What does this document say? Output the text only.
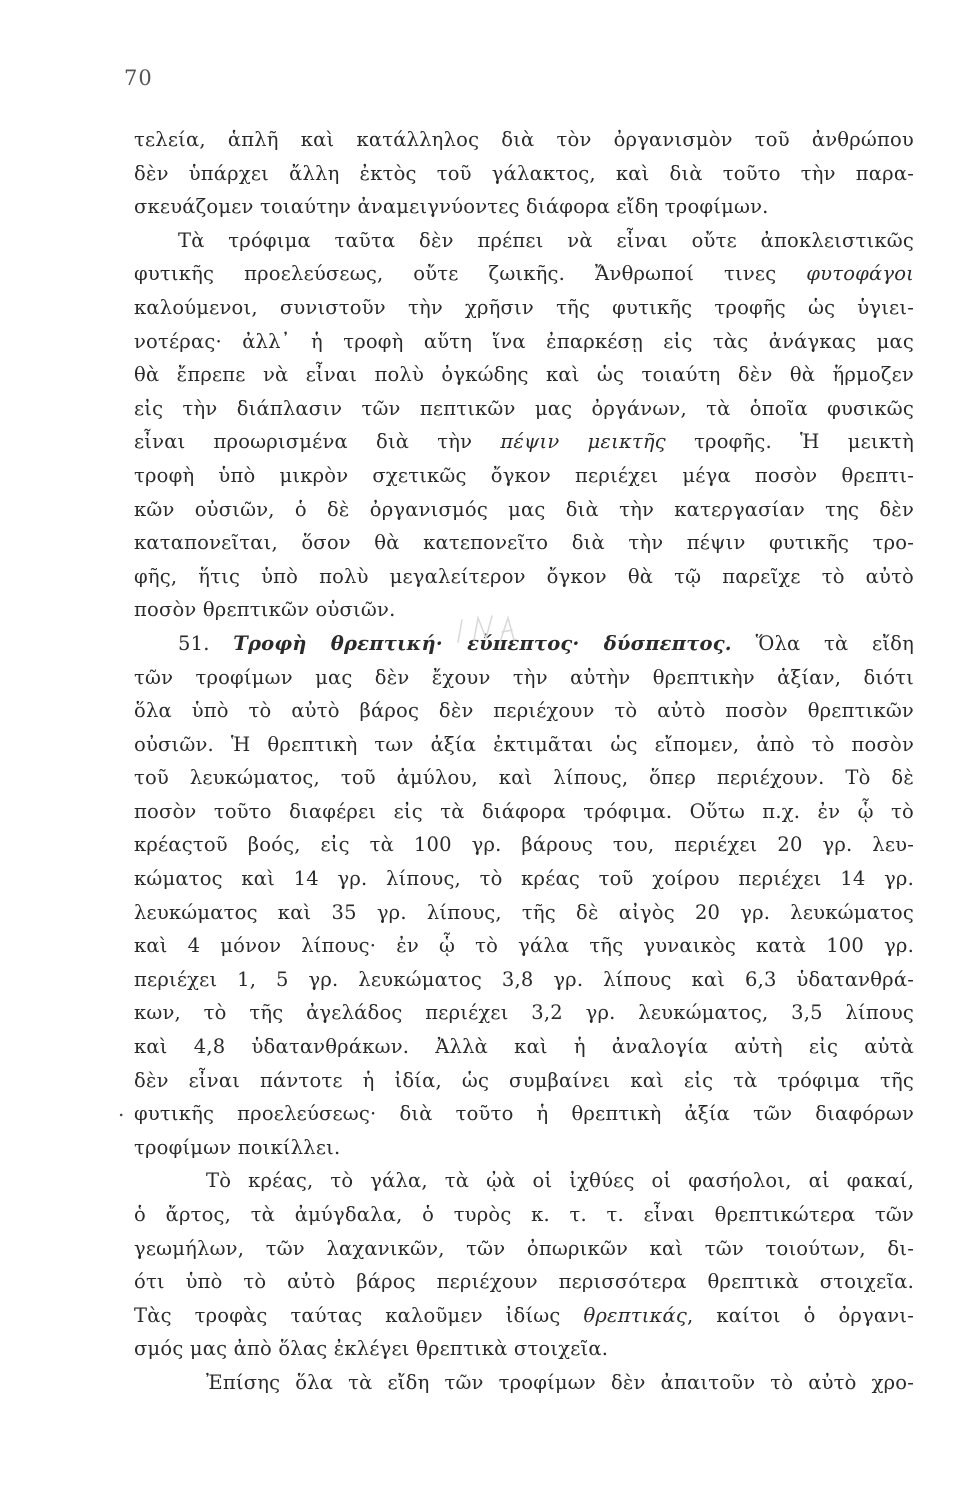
70
τελεία, ἁπλῆ καὶ κατάλληλος διὰ τὸν ὀργανισμὸν τοῦ ἀνθρώπου
δὲν ὑπάρχει ἄλλη ἐκτὸς τοῦ γάλακτος, καὶ διὰ τοῦτο τὴν παρα-
σκευάζομεν τοιαύτην ἀναμειγνύοντες διάφορα εἴδη τροφίμων.
Τὰ τρόφιμα ταῦτα δὲν πρέπει νὰ εἶναι οὔτε ἀποκλειστικῶς
φυτικῆς προελεύσεως, οὔτε ζωικῆς. Ἄνθρωποί τινες φυτοφάγοι
καλούμενοι, συνιστοῦν τὴν χρῆσιν τῆς φυτικῆς τροφῆς ὡς ὑγιει-
νοτέρας· ἀλλ᾿ ἡ τροφὴ αὕτη ἵνα ἐπαρκέσῃ εἰς τὰς ἀνάγκας μας
θὰ ἔπρεπε νὰ εἶναι πολὺ ὀγκώδης καὶ ὡς τοιαύτη δὲν θὰ ἥρμοζεν
εἰς τὴν διάπλασιν τῶν πεπτικῶν μας ὀργάνων, τὰ ὁποῖα φυσικῶς
εἶναι προωρισμένα διὰ τὴν πέψιν μεικτῆς τροφῆς. Ἡ μεικτὴ
τροφὴ ὑπὸ μικρὸν σχετικῶς ὄγκον περιέχει μέγα ποσὸν θρεπτι-
κῶν οὐσιῶν, ὁ δὲ ὀργανισμός μας διὰ τὴν κατεργασίαν της δὲν
καταπονεῖται, ὅσον θὰ κατεπονεῖτο διὰ τὴν πέψιν φυτικῆς τρο-
φῆς, ἥτις ὑπὸ πολὺ μεγαλείτερον ὄγκον θὰ τῷ παρεῖχε τὸ αὐτὸ
ποσὸν θρεπτικῶν οὐσιῶν.
51. Τροφὴ θρεπτική· εὔπεπτος· δύσπεπτος. Ὅλα τὰ εἴδη
τῶν τροφίμων μας δὲν ἔχουν τὴν αὐτὴν θρεπτικὴν ἀξίαν, διότι
ὅλα ὑπὸ τὸ αὐτὸ βάρος δὲν περιέχουν τὸ αὐτὸ ποσὸν θρεπτικῶν
οὐσιῶν. Ἡ θρεπτικὴ των ἀξία ἐκτιμᾶται ὡς εἴπομεν, ἀπὸ τὸ ποσὸν
τοῦ λευκώματος, τοῦ ἀμύλου, καὶ λίπους, ὅπερ περιέχουν. Τὸ δὲ
ποσὸν τοῦτο διαφέρει εἰς τὰ διάφορα τρόφιμα. Οὕτω π.χ. ἐν ᾧ τὸ
κρέαςτοῦ βοός, εἰς τὰ 100 γρ. βάρους του, περιέχει 20 γρ. λευ-
κώματος καὶ 14 γρ. λίπους, τὸ κρέας τοῦ χοίρου περιέχει 14 γρ.
λευκώματος καὶ 35 γρ. λίπους, τῆς δὲ αἰγὸς 20 γρ. λευκώματος
καὶ 4 μόνον λίπους· ἐν ᾧ τὸ γάλα τῆς γυναικὸς κατὰ 100 γρ.
περιέχει 1, 5 γρ. λευκώματος 3,8 γρ. λίπους καὶ 6,3 ὑδατανθρά-
κων, τὸ τῆς ἀγελάδος περιέχει 3,2 γρ. λευκώματος, 3,5 λίπους
καὶ 4,8 ὑδατανθράκων. Ἀλλὰ καὶ ἡ ἀναλογία αὐτὴ εἰς αὐτὰ
δὲν εἶναι πάντοτε ἡ ἰδία, ὡς συμβαίνει καὶ εἰς τὰ τρόφιμα τῆς
φυτικῆς προελεύσεως· διὰ τοῦτο ἡ θρεπτικὴ ἀξία τῶν διαφόρων
τροφίμων ποικίλλει.
Τὸ κρέας, τὸ γάλα, τὰ ᾠὰ οἱ ἰχθύες οἱ φασήολοι, αἱ φακαί,
ὁ ἄρτος, τὰ ἀμύγδαλα, ὁ τυρὸς κ. τ. τ. εἶναι θρεπτικώτερα τῶν
γεωμήλων, τῶν λαχανικῶν, τῶν ὀπωρικῶν καὶ τῶν τοιούτων, δι-
ότι ὑπὸ τὸ αὐτὸ βάρος περιέχουν περισσότερα θρεπτικὰ στοιχεῖα.
Τὰς τροφὰς ταύτας καλοῦμεν ἰδίως θρεπτικάς, καίτοι ὁ ὀργανι-
σμός μας ἀπὸ ὅλας ἐκλέγει θρεπτικὰ στοιχεῖα.
Ἐπίσης ὅλα τὰ εἴδη τῶν τροφίμων δὲν ἀπαιτοῦν τὸ αὐτὸ χρο-
.
